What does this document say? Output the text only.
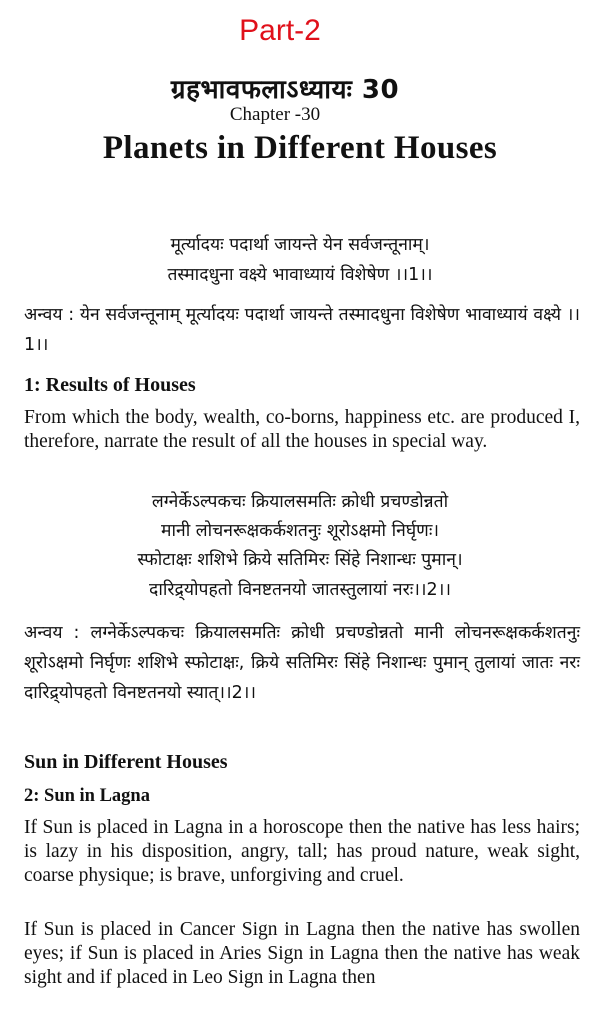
Part-2
ग्रहभावफलाऽध्यायः 30
Chapter -30
Planets in Different Houses
मूर्त्यादयः पदार्था जायन्ते येन सर्वजन्तूनाम्।
तस्मादधुना वक्ष्ये भावाध्यायं विशेषेण ।।1।।
अन्वय : येन सर्वजन्तूनाम् मूर्त्यादयः पदार्था जायन्ते तस्मादधुना विशेषेण भावाध्यायं वक्ष्ये ।।1।।
1: Results of Houses
From which the body, wealth, co-borns, happiness etc. are produced I, therefore, narrate the result of all the houses in special way.
लग्नेर्केऽल्पकचः क्रियालसमतिः क्रोधी प्रचण्डोन्नतो
मानी लोचनरूक्षकर्कशतनुः शूरोऽक्षमो निर्घृणः।
स्फोटाक्षः शशिभे क्रिये सतिमिरः सिंहे निशान्धः पुमान्।
दारिद्र्योपहतो विनष्टतनयो जातस्तुलायां नरः।।2।।
अन्वय : लग्नेर्केऽल्पकचः क्रियालसमतिः क्रोधी प्रचण्डोन्नतो मानी लोचनरूक्षकर्कशतनुः शूरोऽक्षमो निर्घृणः शशिभे स्फोटाक्षः, क्रिये सतिमिरः सिंहे निशान्धः पुमान् तुलायां जातः नरः दारिद्र्योपहतो विनष्टतनयो स्यात्।।2।।
Sun in Different Houses
2: Sun in Lagna
If Sun is placed in Lagna in a horoscope then the native has less hairs; is lazy in his disposition, angry, tall; has proud nature, weak sight, coarse physique; is brave, unforgiving and cruel.
If Sun is placed in Cancer Sign in Lagna then the native has swollen eyes; if Sun is placed in Aries Sign in Lagna then the native has weak sight and if placed in Leo Sign in Lagna then
